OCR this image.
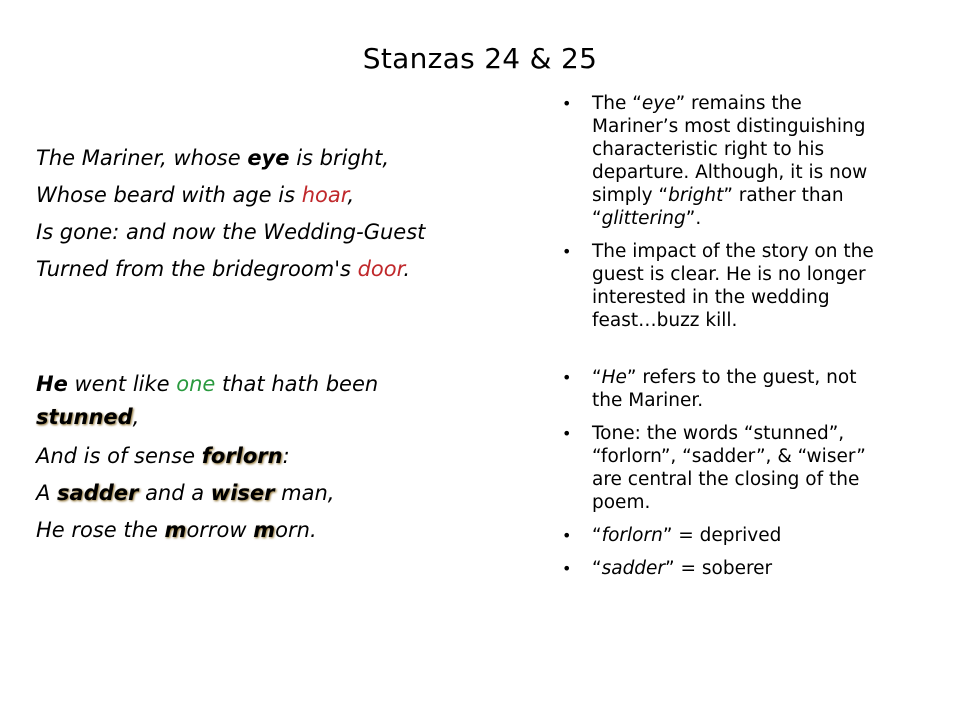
Stanzas 24 & 25
The Mariner, whose eye is bright,
Whose beard with age is hoar,
Is gone: and now the Wedding-Guest
Turned from the bridegroom's door.
He went like one that hath been
stunned,
And is of sense forlorn:
A sadder and a wiser man,
He rose the morrow morn.
• The “eye” remains the Mariner’s most distinguishing characteristic right to his departure. Although, it is now simply “bright” rather than “glittering”.
• The impact of the story on the guest is clear. He is no longer interested in the wedding feast…buzz kill.
• “He” refers to the guest, not the Mariner.
• Tone: the words “stunned”, “forlorn”, “sadder”, & “wiser” are central the closing of the poem.
• “forlorn” = deprived
• “sadder” = soberer
